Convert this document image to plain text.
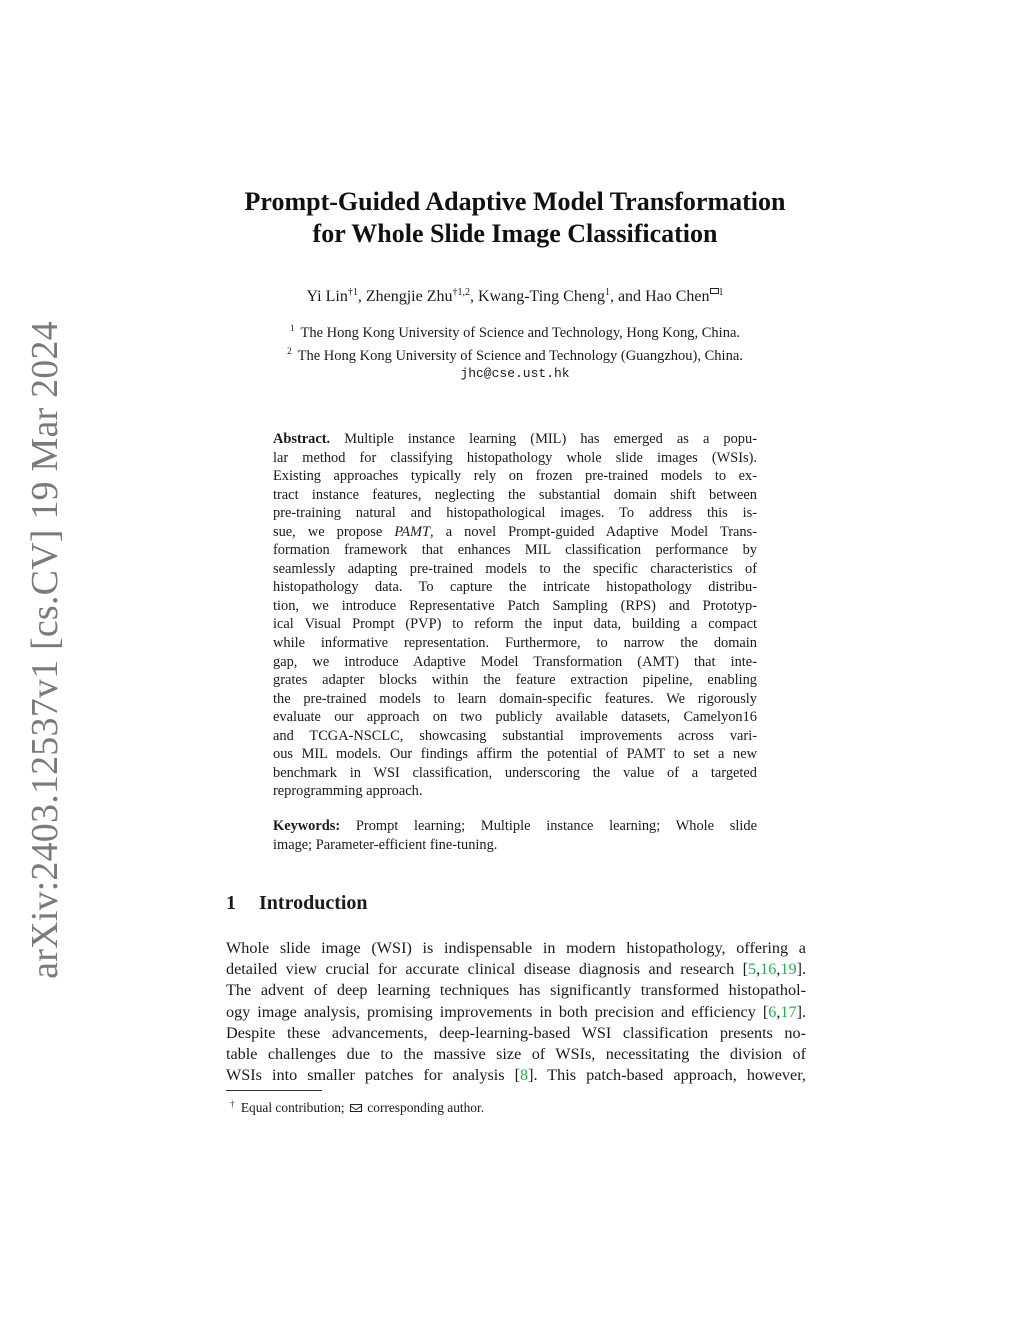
arXiv:2403.12537v1 [cs.CV] 19 Mar 2024
Prompt-Guided Adaptive Model Transformation
for Whole Slide Image Classification
Yi Lin$^{\dagger 1}$, Zhengjie Zhu$^{\dagger 1,2}$, Kwang-Ting Cheng$^1$, and Hao Chen $^1$
$^1$ The Hong Kong University of Science and Technology, Hong Kong, China.
$^2$ The Hong Kong University of Science and Technology (Guangzhou), China.
jhc@cse.ust.hk
Abstract. Multiple instance learning (MIL) has emerged as a popu-
lar method for classifying histopathology whole slide images (WSIs).
Existing approaches typically rely on frozen pre-trained models to ex-
tract instance features, neglecting the substantial domain shift between
pre-training natural and histopathological images. To address this is-
sue, we propose PAMT, a novel Prompt-guided Adaptive Model Trans-
formation framework that enhances MIL classification performance by
seamlessly adapting pre-trained models to the specific characteristics of
histopathology data. To capture the intricate histopathology distribu-
tion, we introduce Representative Patch Sampling (RPS) and Prototyp-
ical Visual Prompt (PVP) to reform the input data, building a compact
while informative representation. Furthermore, to narrow the domain
gap, we introduce Adaptive Model Transformation (AMT) that inte-
grates adapter blocks within the feature extraction pipeline, enabling
the pre-trained models to learn domain-specific features. We rigorously
evaluate our approach on two publicly available datasets, Camelyon16
and TCGA-NSCLC, showcasing substantial improvements across vari-
ous MIL models. Our findings affirm the potential of PAMT to set a new
benchmark in WSI classification, underscoring the value of a targeted
reprogramming approach.
Keywords: Prompt learning; Multiple instance learning; Whole slide
image; Parameter-efficient fine-tuning.
1 Introduction
Whole slide image (WSI) is indispensable in modern histopathology, offering a
detailed view crucial for accurate clinical disease diagnosis and research [5,16,19].
The advent of deep learning techniques has significantly transformed histopathol-
ogy image analysis, promising improvements in both precision and efficiency [6,17].
Despite these advancements, deep-learning-based WSI classification presents no-
table challenges due to the massive size of WSIs, necessitating the division of
WSIs into smaller patches for analysis [8]. This patch-based approach, however,
† Equal contribution;  corresponding author.
